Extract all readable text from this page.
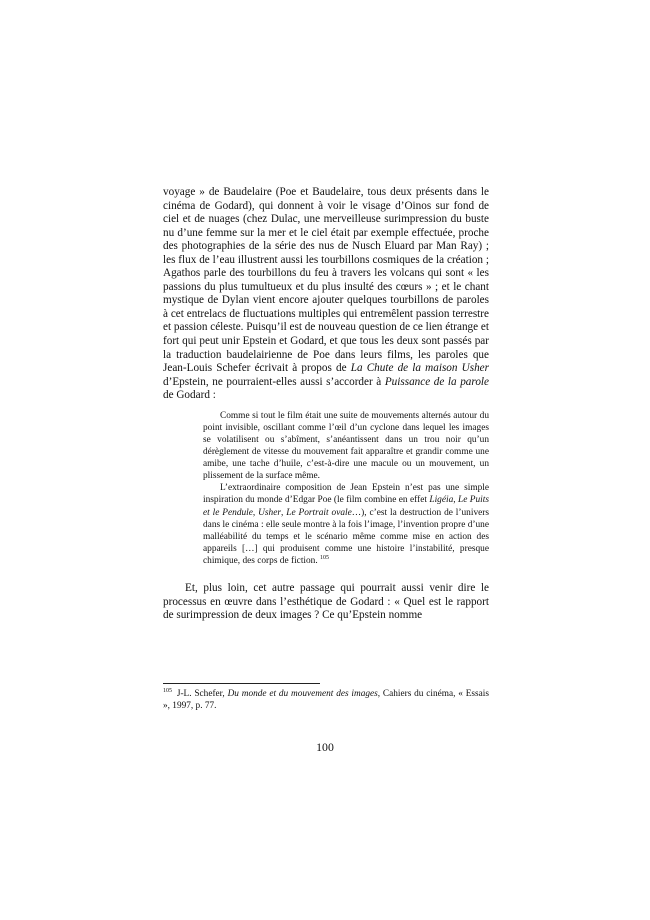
voyage » de Baudelaire (Poe et Baudelaire, tous deux présents dans le cinéma de Godard), qui donnent à voir le visage d’Oinos sur fond de ciel et de nuages (chez Dulac, une merveilleuse surimpression du buste nu d’une femme sur la mer et le ciel était par exemple effectuée, proche des photographies de la série des nus de Nusch Eluard par Man Ray) ; les flux de l’eau illustrent aussi les tourbillons cosmiques de la création ; Agathos parle des tourbillons du feu à travers les volcans qui sont « les passions du plus tumultueux et du plus insulté des cœurs » ; et le chant mystique de Dylan vient encore ajouter quelques tourbillons de paroles à cet entrelacs de fluctuations multiples qui entremêlent passion terrestre et passion céleste. Puisqu’il est de nouveau question de ce lien étrange et fort qui peut unir Epstein et Godard, et que tous les deux sont passés par la traduction baudelairienne de Poe dans leurs films, les paroles que Jean-Louis Schefer écrivait à propos de La Chute de la maison Usher d’Epstein, ne pourraient-elles aussi s’accorder à Puissance de la parole de Godard :

Comme si tout le film était une suite de mouvements alternés autour du point invisible, oscillant comme l’œil d’un cyclone dans lequel les images se volatilisent ou s’abîment, s’anéantissent dans un trou noir qu’un dérèglement de vitesse du mouvement fait apparaître et grandir comme une amibe, une tache d’huile, c’est-à-dire une macule ou un mouvement, un plissement de la surface même.

L’extraordinaire composition de Jean Epstein n’est pas une simple inspiration du monde d’Edgar Poe (le film combine en effet Ligéia, Le Puits et le Pendule, Usher, Le Portrait ovale…), c’est la destruction de l’univers dans le cinéma : elle seule montre à la fois l’image, l’invention propre d’une malléabilité du temps et le scénario même comme mise en action des appareils […] qui produisent comme une histoire l’instabilité, presque chimique, des corps de fiction. $^{105}$

Et, plus loin, cet autre passage qui pourrait aussi venir dire le processus en œuvre dans l’esthétique de Godard : « Quel est le rapport de surimpression de deux images ? Ce qu’Epstein nomme

$^{105}$ J-L. Schefer, Du monde et du mouvement des images, Cahiers du cinéma, « Essais », 1997, p. 77.

100
